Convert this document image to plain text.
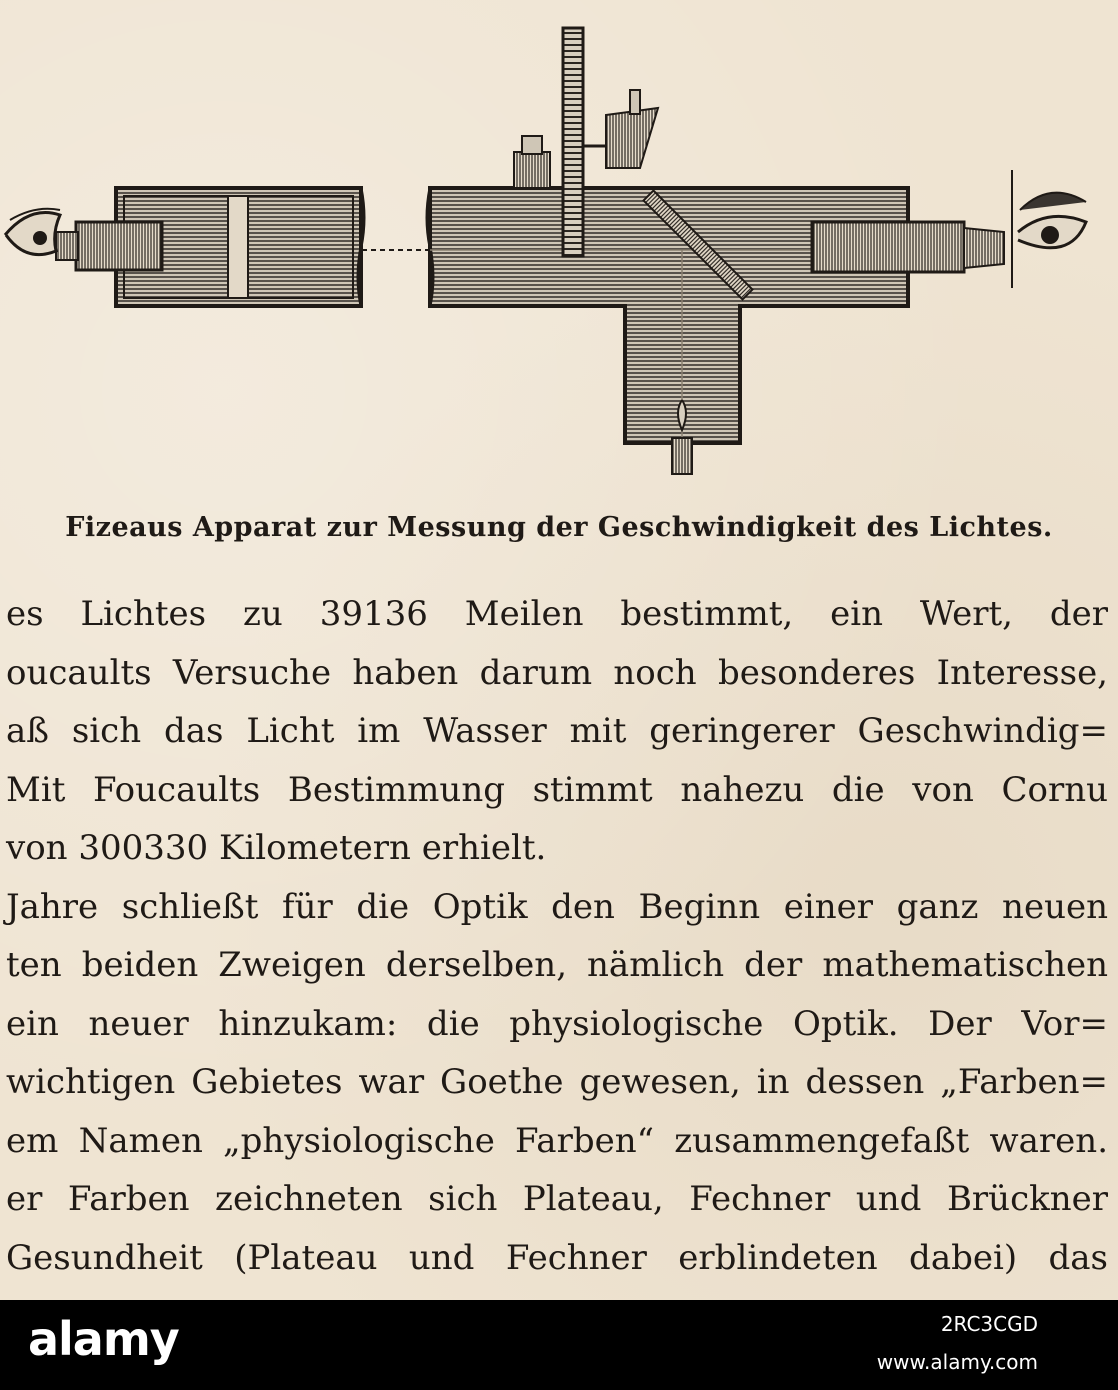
Fizeaus Apparat zur Messung der Geschwindigkeit des Lichtes.
es Lichtes zu 39136 Meilen bestimmt, ein Wert, der
oucaults Versuche haben darum noch besonderes Interesse,
aß sich das Licht im Wasser mit geringerer Geschwindig=
Mit Foucaults Bestimmung stimmt nahezu die von Cornu
von 300330 Kilometern erhielt.
Jahre schließt für die Optik den Beginn einer ganz neuen
ten beiden Zweigen derselben, nämlich der mathematischen
ein neuer hinzukam: die physiologische Optik. Der Vor=
wichtigen Gebietes war Goethe gewesen, in dessen „Farben=
em Namen „physiologische Farben“ zusammengefaßt waren.
er Farben zeichneten sich Plateau, Fechner und Brückner
Gesundheit (Plateau und Fechner erblindeten dabei) das
alamy	2RC3CGD
www.alamy.com
